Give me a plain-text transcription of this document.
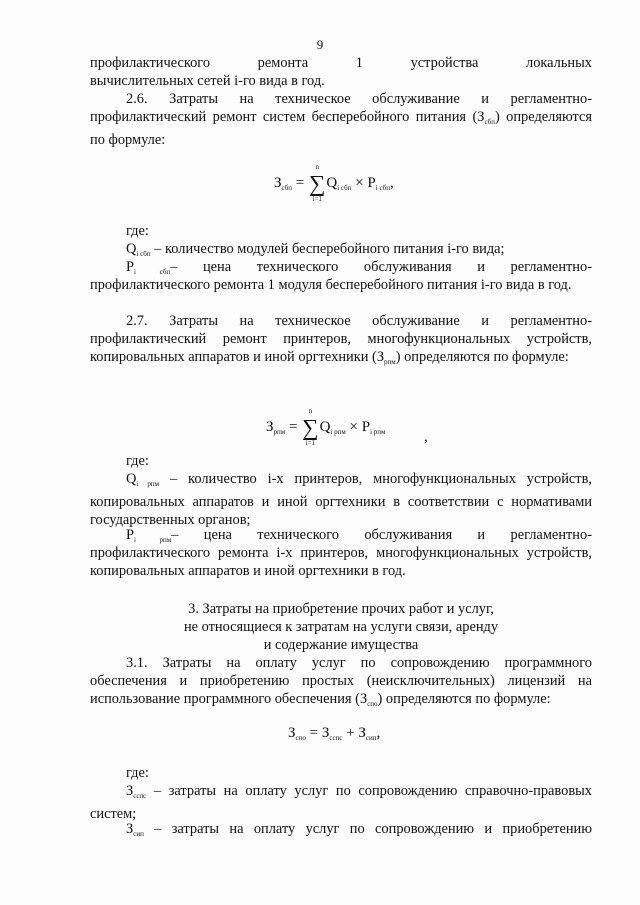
9
профилактического ремонта 1 устройства локальных
вычислительных сетей i-го вида в год.
2.6. Затраты на техническое обслуживание и регламентно-профилактический ремонт систем бесперебойного питания $(З_{сбп})$ определяются по формуле:
$З_{сбп}$ = ∑
n
i=1
$Q_{i сбп} \times P_{i сбп}$,
где:
$Q_{i сбп}$ – количество модулей бесперебойного питания i-го вида;
$P_{i сбп}-$ цена технического обслуживания и регламентно-
профилактического ремонта 1 модуля бесперебойного питания i-го вида в год.
2.7. Затраты на техническое обслуживание и регламентно-профилактический ремонт принтеров, многофункциональных устройств, копировальных аппаратов и иной оргтехники $(З_{рпм})$ определяются по формуле:
$З_{рпм}$ = ∑
n
i=1
$Q_{i рпм} \times P_{i рпм}$	,
где:
$Q_{i рпм}$ – количество i-х принтеров, многофункциональных устройств, копировальных аппаратов и иной оргтехники в соответствии с нормативами государственных органов;
$P_{i рпм}-$ цена технического обслуживания и регламентно-
профилактического ремонта i-х принтеров, многофункциональных устройств, копировальных аппаратов и иной оргтехники в год.
3. Затраты на приобретение прочих работ и услуг,
не относящиеся к затратам на услуги связи, аренду
и содержание имущества
3.1. Затраты на оплату услуг по сопровождению программного обеспечения и приобретению простых (неисключительных) лицензий на использование программного обеспечения $(З_{спо})$ определяются по формуле:
$З_{спо} = З_{сспс} + З_{сип}$,
где:
$З_{сспс}$ – затраты на оплату услуг по сопровождению справочно-правовых систем;
$З_{сип}$ – затраты на оплату услуг по сопровождению и приобретению
